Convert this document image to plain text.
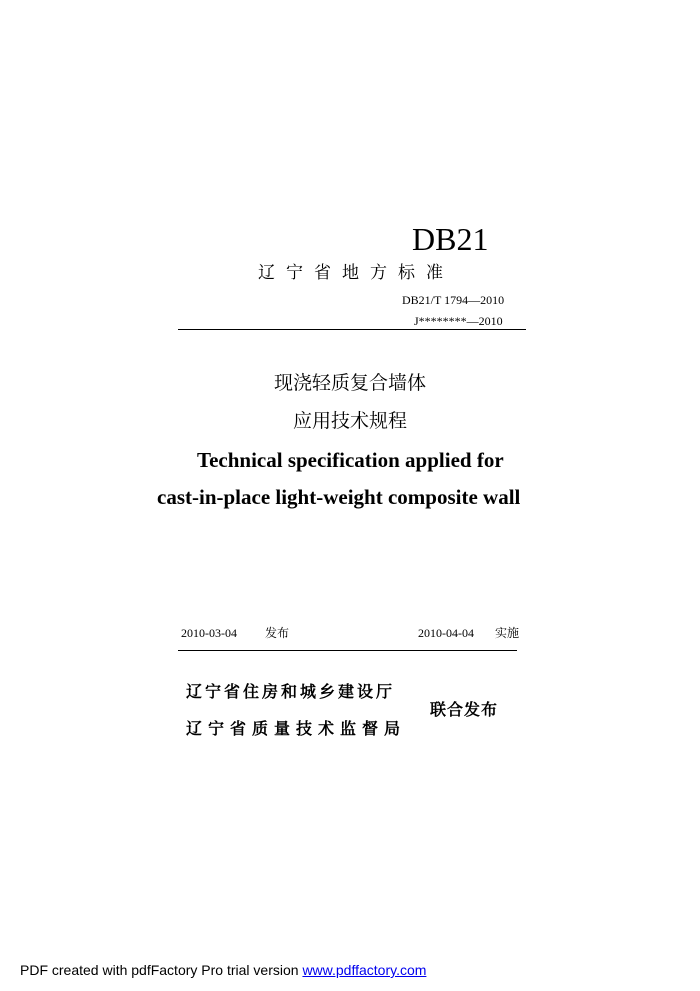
DB21
辽宁省地方标准
DB21/T 1794—2010
J********—2010
现浇轻质复合墙体
应用技术规程
Technical specification applied for
cast-in-place light-weight composite wall
2010-03-04 发布	2010-04-04 实施
辽宁省住房和城乡建设厅
辽宁省质量技术监督局
联合发布
PDF created with pdfFactory Pro trial version www.pdffactory.com
